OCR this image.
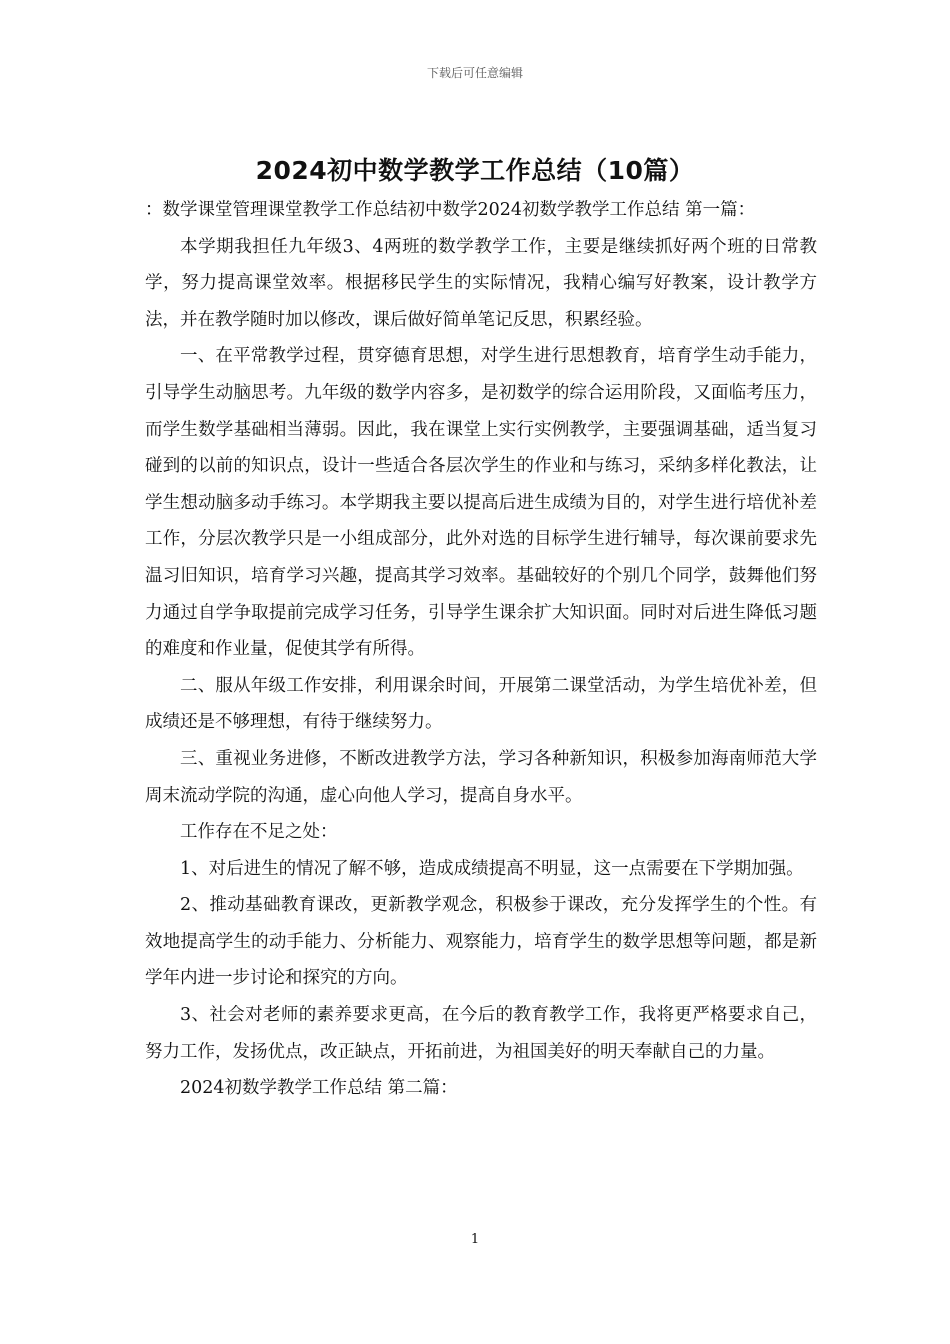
下载后可任意编辑
2024初中数学教学工作总结（10篇）

：数学课堂管理课堂教学工作总结初中数学2024初数学教学工作总结 第一篇：

本学期我担任九年级3、4两班的数学教学工作，主要是继续抓好两个班的日常教学，努力提高课堂效率。根据移民学生的实际情况，我精心编写好教案，设计教学方法，并在教学随时加以修改，课后做好简单笔记反思，积累经验。

一、在平常教学过程，贯穿德育思想，对学生进行思想教育，培育学生动手能力，引导学生动脑思考。九年级的数学内容多，是初数学的综合运用阶段，又面临考压力，而学生数学基础相当薄弱。因此，我在课堂上实行实例教学，主要强调基础，适当复习碰到的以前的知识点，设计一些适合各层次学生的作业和与练习，采纳多样化教法，让学生想动脑多动手练习。本学期我主要以提高后进生成绩为目的，对学生进行培优补差工作，分层次教学只是一小组成部分，此外对选的目标学生进行辅导，每次课前要求先温习旧知识，培育学习兴趣，提高其学习效率。基础较好的个别几个同学，鼓舞他们努力通过自学争取提前完成学习任务，引导学生课余扩大知识面。同时对后进生降低习题的难度和作业量，促使其学有所得。

二、服从年级工作安排，利用课余时间，开展第二课堂活动，为学生培优补差，但成绩还是不够理想，有待于继续努力。

三、重视业务进修，不断改进教学方法，学习各种新知识，积极参加海南师范大学周末流动学院的沟通，虚心向他人学习，提高自身水平。

工作存在不足之处：

1、对后进生的情况了解不够，造成成绩提高不明显，这一点需要在下学期加强。

2、推动基础教育课改，更新教学观念，积极参于课改，充分发挥学生的个性。有效地提高学生的动手能力、分析能力、观察能力，培育学生的数学思想等问题，都是新学年内进一步讨论和探究的方向。

3、社会对老师的素养要求更高，在今后的教育教学工作，我将更严格要求自己，努力工作，发扬优点，改正缺点，开拓前进，为祖国美好的明天奉献自己的力量。

2024初数学教学工作总结 第二篇：

1
